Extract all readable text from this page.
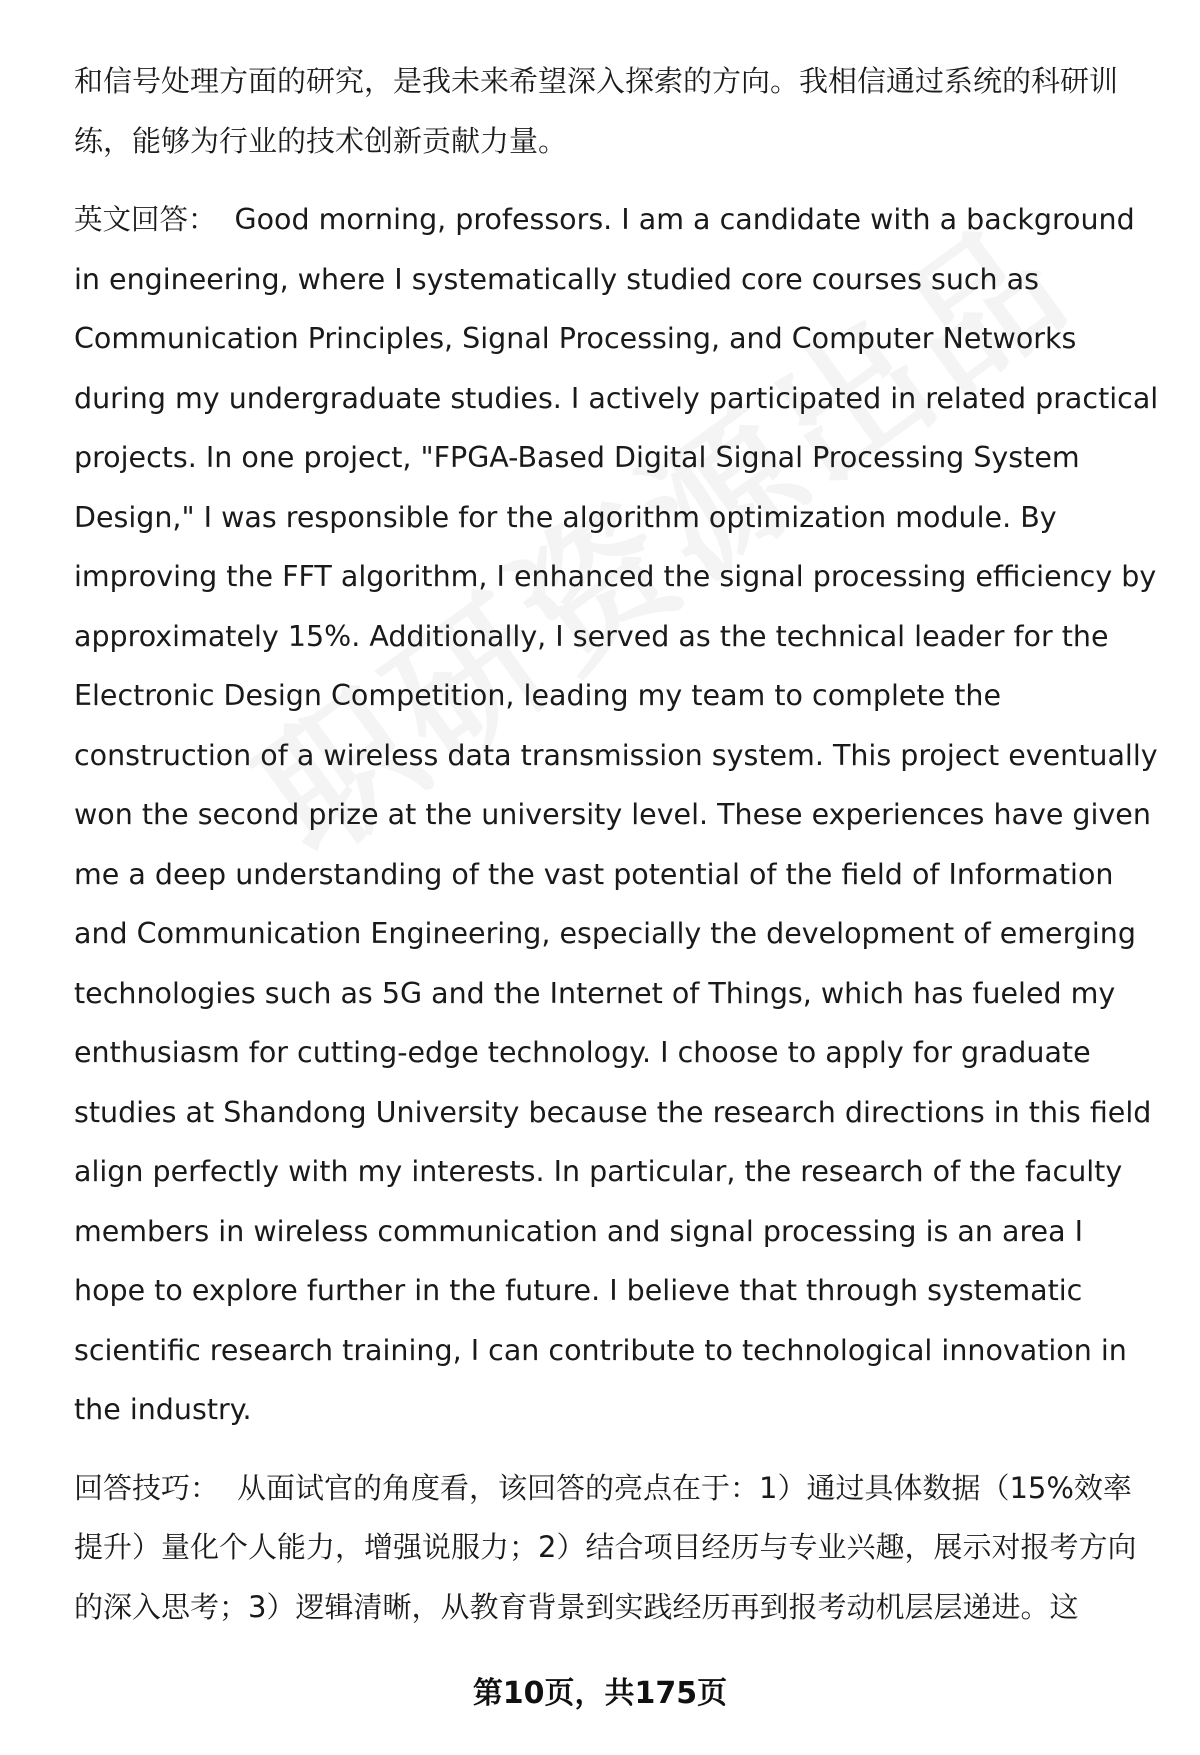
和信号处理方面的研究，是我未来希望深入探索的方向。我相信通过系统的科研训练，能够为行业的技术创新贡献力量。

英文回答： Good morning, professors. I am a candidate with a background in engineering, where I systematically studied core courses such as Communication Principles, Signal Processing, and Computer Networks during my undergraduate studies. I actively participated in related practical projects. In one project, "FPGA-Based Digital Signal Processing System Design," I was responsible for the algorithm optimization module. By improving the FFT algorithm, I enhanced the signal processing efficiency by approximately 15%. Additionally, I served as the technical leader for the Electronic Design Competition, leading my team to complete the construction of a wireless data transmission system. This project eventually won the second prize at the university level. These experiences have given me a deep understanding of the vast potential of the field of Information and Communication Engineering, especially the development of emerging technologies such as 5G and the Internet of Things, which has fueled my enthusiasm for cutting-edge technology. I choose to apply for graduate studies at Shandong University because the research directions in this field align perfectly with my interests. In particular, the research of the faculty members in wireless communication and signal processing is an area I hope to explore further in the future. I believe that through systematic scientific research training, I can contribute to technological innovation in the industry.

回答技巧： 从面试官的角度看，该回答的亮点在于：1）通过具体数据（15%效率提升）量化个人能力，增强说服力；2）结合项目经历与专业兴趣，展示对报考方向的深入思考；3）逻辑清晰，从教育背景到实践经历再到报考动机层层递进。这

第10页，共175页
